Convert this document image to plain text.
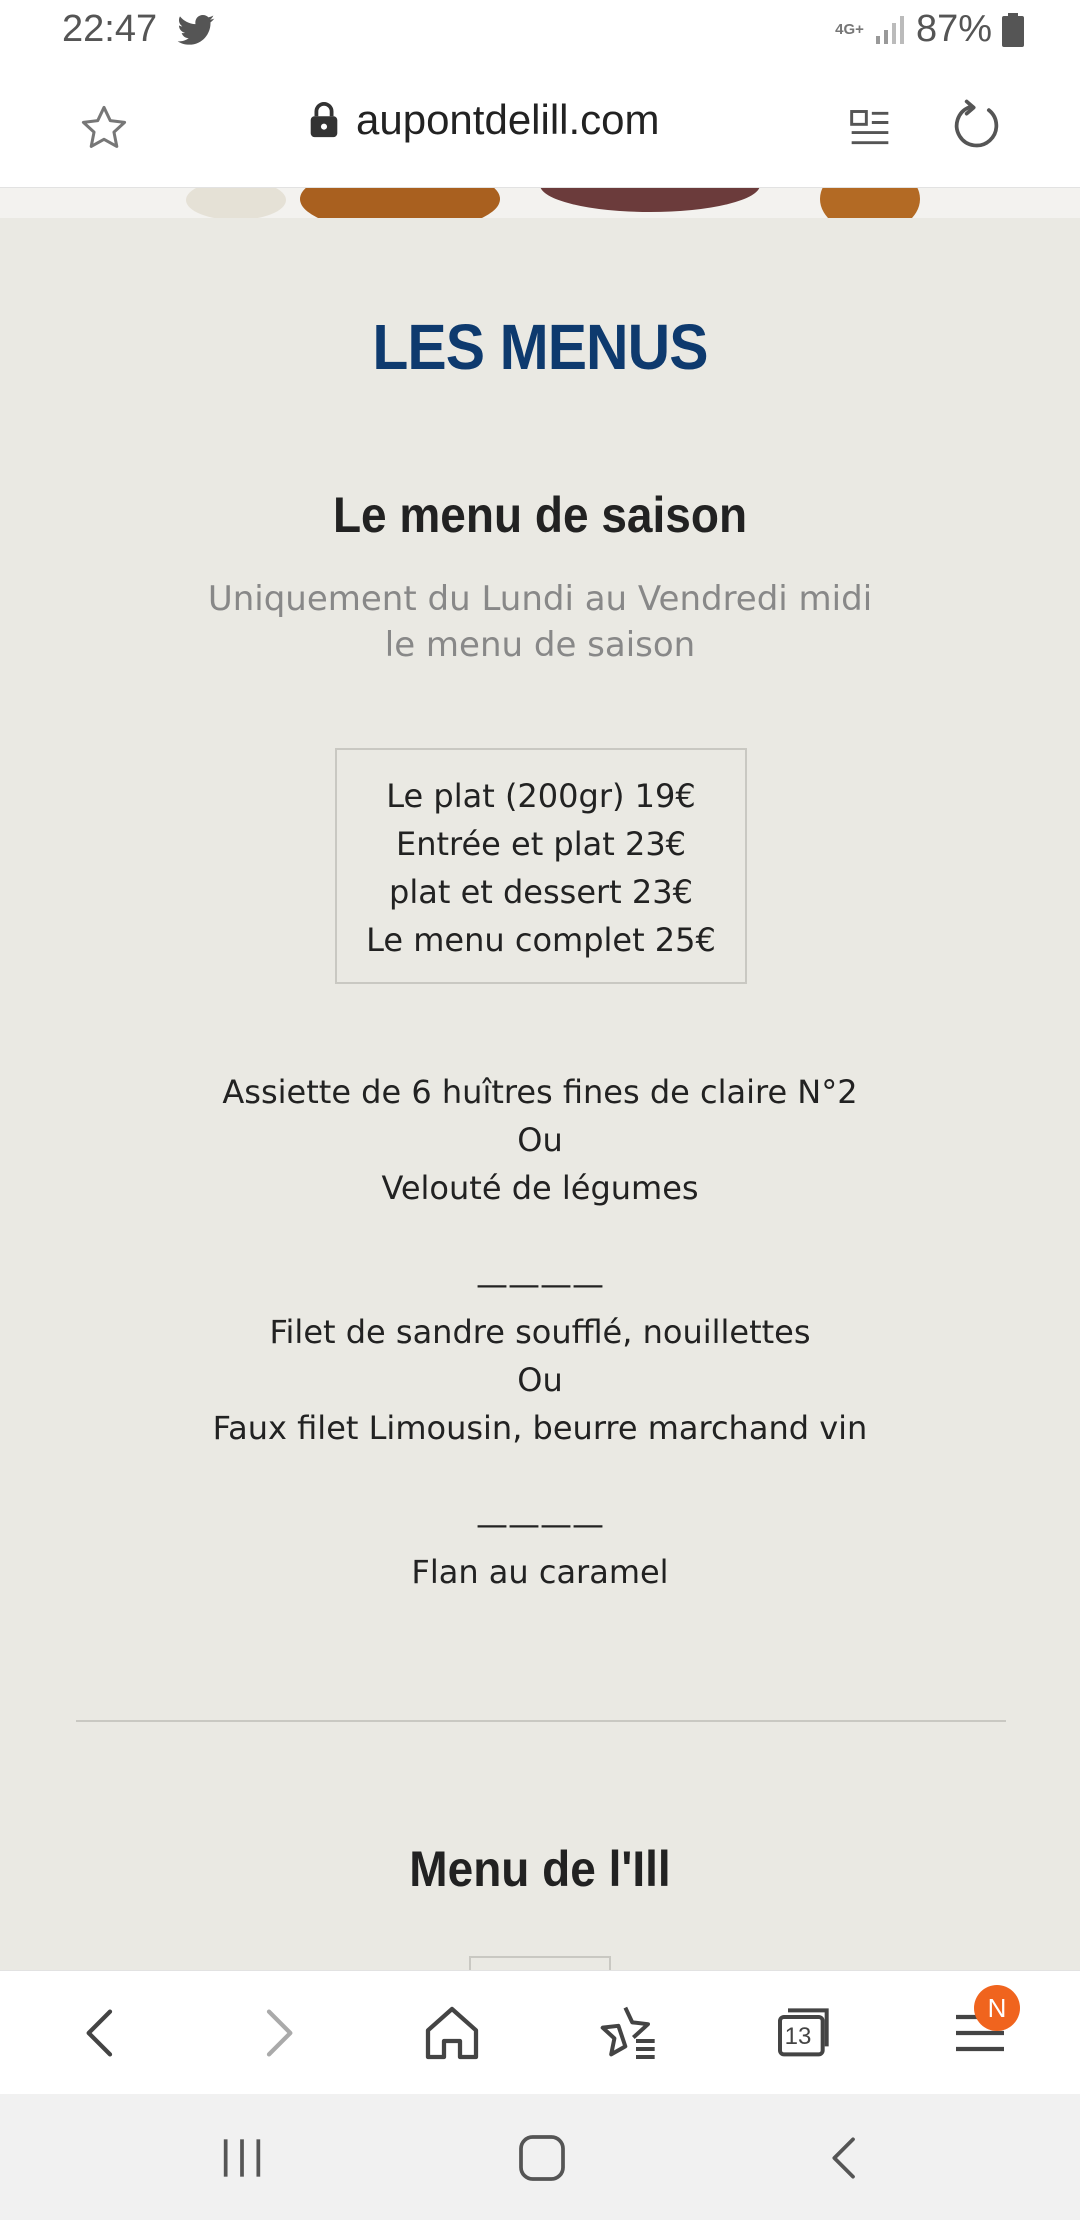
22:47	4G+ 87%
aupontdelill.com
LES MENUS
Le menu de saison
Uniquement du Lundi au Vendredi midi
le menu de saison
Le plat (200gr) 19€
Entrée et plat 23€
plat et dessert 23€
Le menu complet 25€
Assiette de 6 huîtres fines de claire N°2
Ou
Velouté de légumes
————
Filet de sandre soufflé, nouillettes
Ou
Faux filet Limousin, beurre marchand vin
————
Flan au caramel
Menu de l'Ill
13
N
